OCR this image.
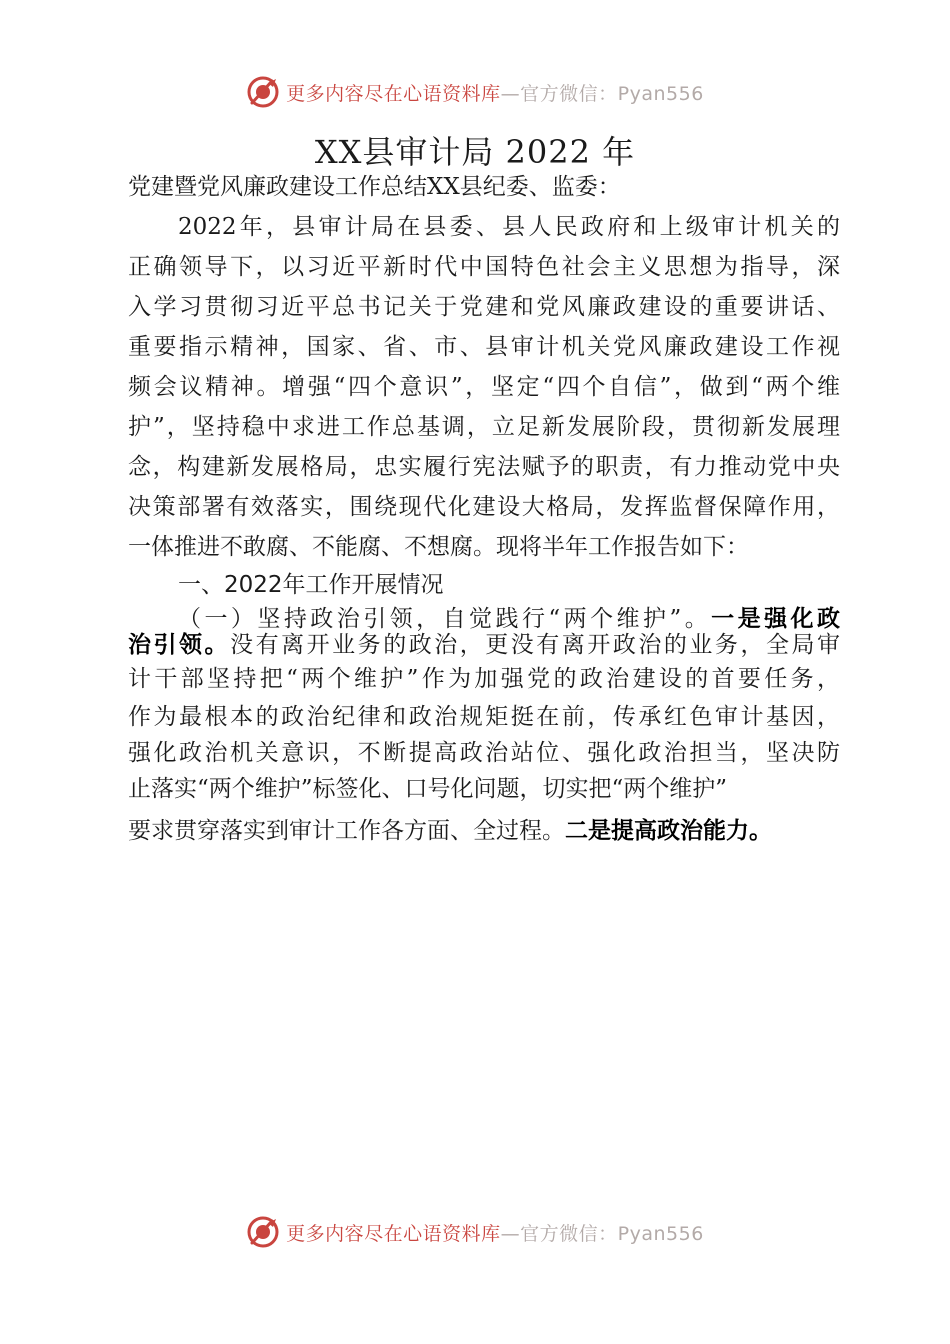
更多内容尽在心语资料库—官方微信：Pyan556
XX县审计局 2022 年
党建暨党风廉政建设工作总结XX县纪委、监委：
2022年，县审计局在县委、县人民政府和上级审计机关的
正确领导下，以习近平新时代中国特色社会主义思想为指导，深
入学习贯彻习近平总书记关于党建和党风廉政建设的重要讲话、
重要指示精神，国家、省、市、县审计机关党风廉政建设工作视
频会议精神。增强“四个意识”，坚定“四个自信”，做到“两个维
护”，坚持稳中求进工作总基调，立足新发展阶段，贯彻新发展理
念，构建新发展格局，忠实履行宪法赋予的职责，有力推动党中央
决策部署有效落实，围绕现代化建设大格局，发挥监督保障作用，
一体推进不敢腐、不能腐、不想腐。现将半年工作报告如下：
一、2022年工作开展情况
（一）坚持政治引领，自觉践行“两个维护”。一是强化政
治引领。没有离开业务的政治，更没有离开政治的业务，全局审
计干部坚持把“两个维护”作为加强党的政治建设的首要任务，
作为最根本的政治纪律和政治规矩挺在前，传承红色审计基因，
强化政治机关意识，不断提高政治站位、强化政治担当，坚决防
止落实“两个维护”标签化、口号化问题，切实把“两个维护”
要求贯穿落实到审计工作各方面、全过程。二是提高政治能力。
更多内容尽在心语资料库—官方微信：Pyan556
